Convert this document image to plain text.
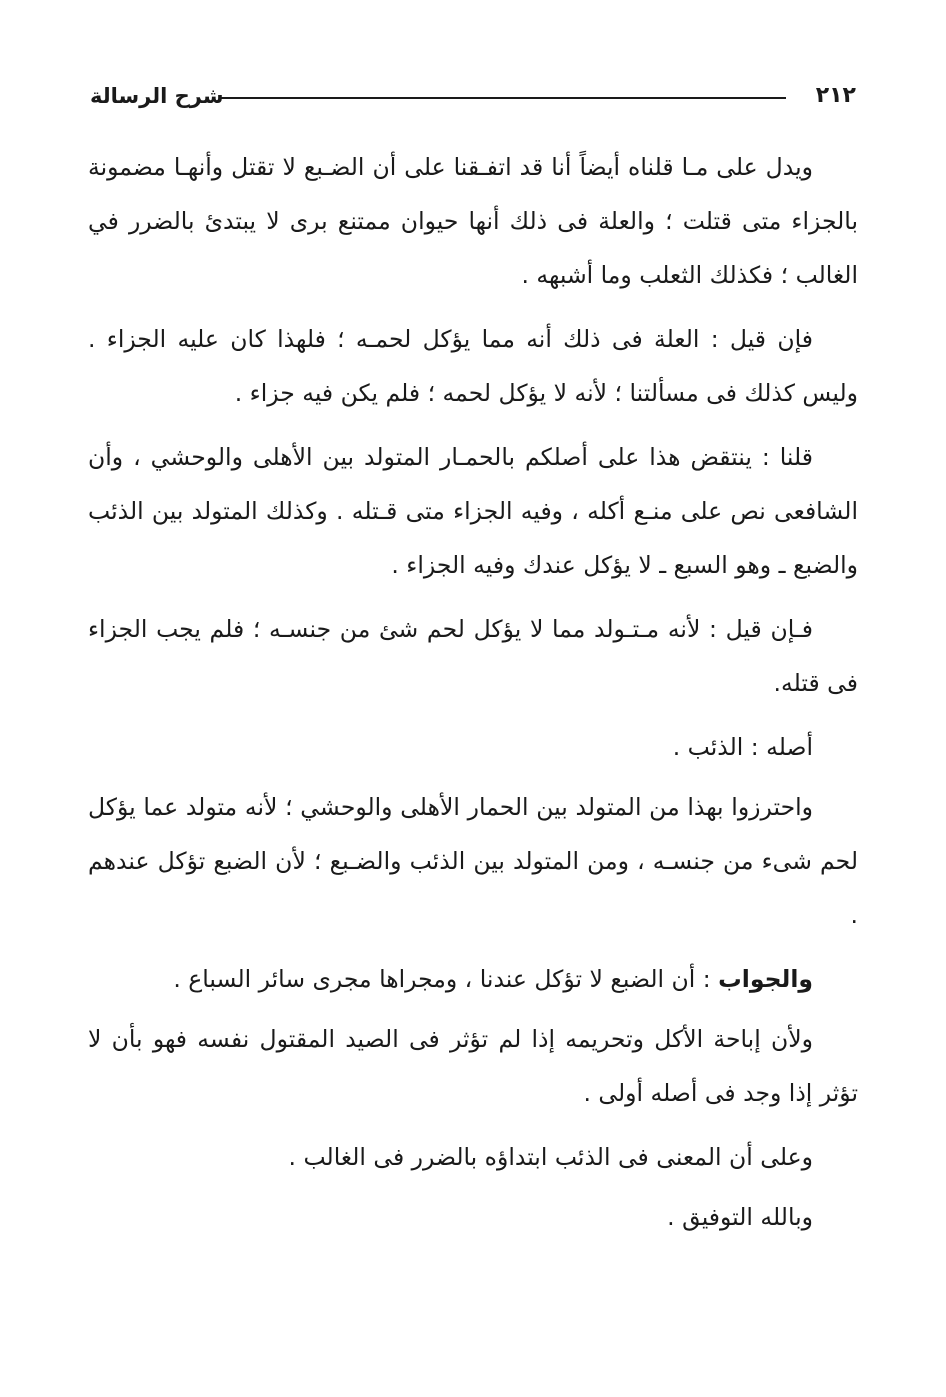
شرح الرسالة	٢١٢

ويدل على مـا قلناه أيضاً أنا قد اتفـقنا على أن الضـبع لا تقتل وأنهـا مضمونة بالجزاء متى قتلت ؛ والعلة فى ذلك أنها حيوان ممتنع برى لا يبتدئ بالضرر في الغالب ؛ فكذلك الثعلب وما أشبهه .

فإن قيل : العلة فى ذلك أنه مما يؤكل لحمـه ؛ فلهذا كان عليه الجزاء . وليس كذلك فى مسألتنا ؛ لأنه لا يؤكل لحمه ؛ فلم يكن فيه جزاء .

قلنا : ينتقض هذا على أصلكم بالحمـار المتولد بين الأهلى والوحشي ، وأن الشافعى نص على منـع أكله ، وفيه الجزاء متى قـتله . وكذلك المتولد بين الذئب والضبع ـ وهو السبع ـ لا يؤكل عندك وفيه الجزاء .

فـإن قيل : لأنه مـتـولد مما لا يؤكل لحم شئ من جنسـه ؛ فلم يجب الجزاء فى قتله.

أصله : الذئب .

واحترزوا بهذا من المتولد بين الحمار الأهلى والوحشي ؛ لأنه متولد عما يؤكل لحم شىء من جنسـه ، ومن المتولد بين الذئب والضـبع ؛ لأن الضبع تؤكل عندهم .

والجواب : أن الضبع لا تؤكل عندنا ، ومجراها مجرى سائر السباع .

ولأن إباحة الأكل وتحريمه إذا لم تؤثر فى الصيد المقتول نفسه فهو بأن لا تؤثر إذا وجد فى أصله أولى .

وعلى أن المعنى فى الذئب ابتداؤه بالضرر فى الغالب .

وبالله التوفيق .
